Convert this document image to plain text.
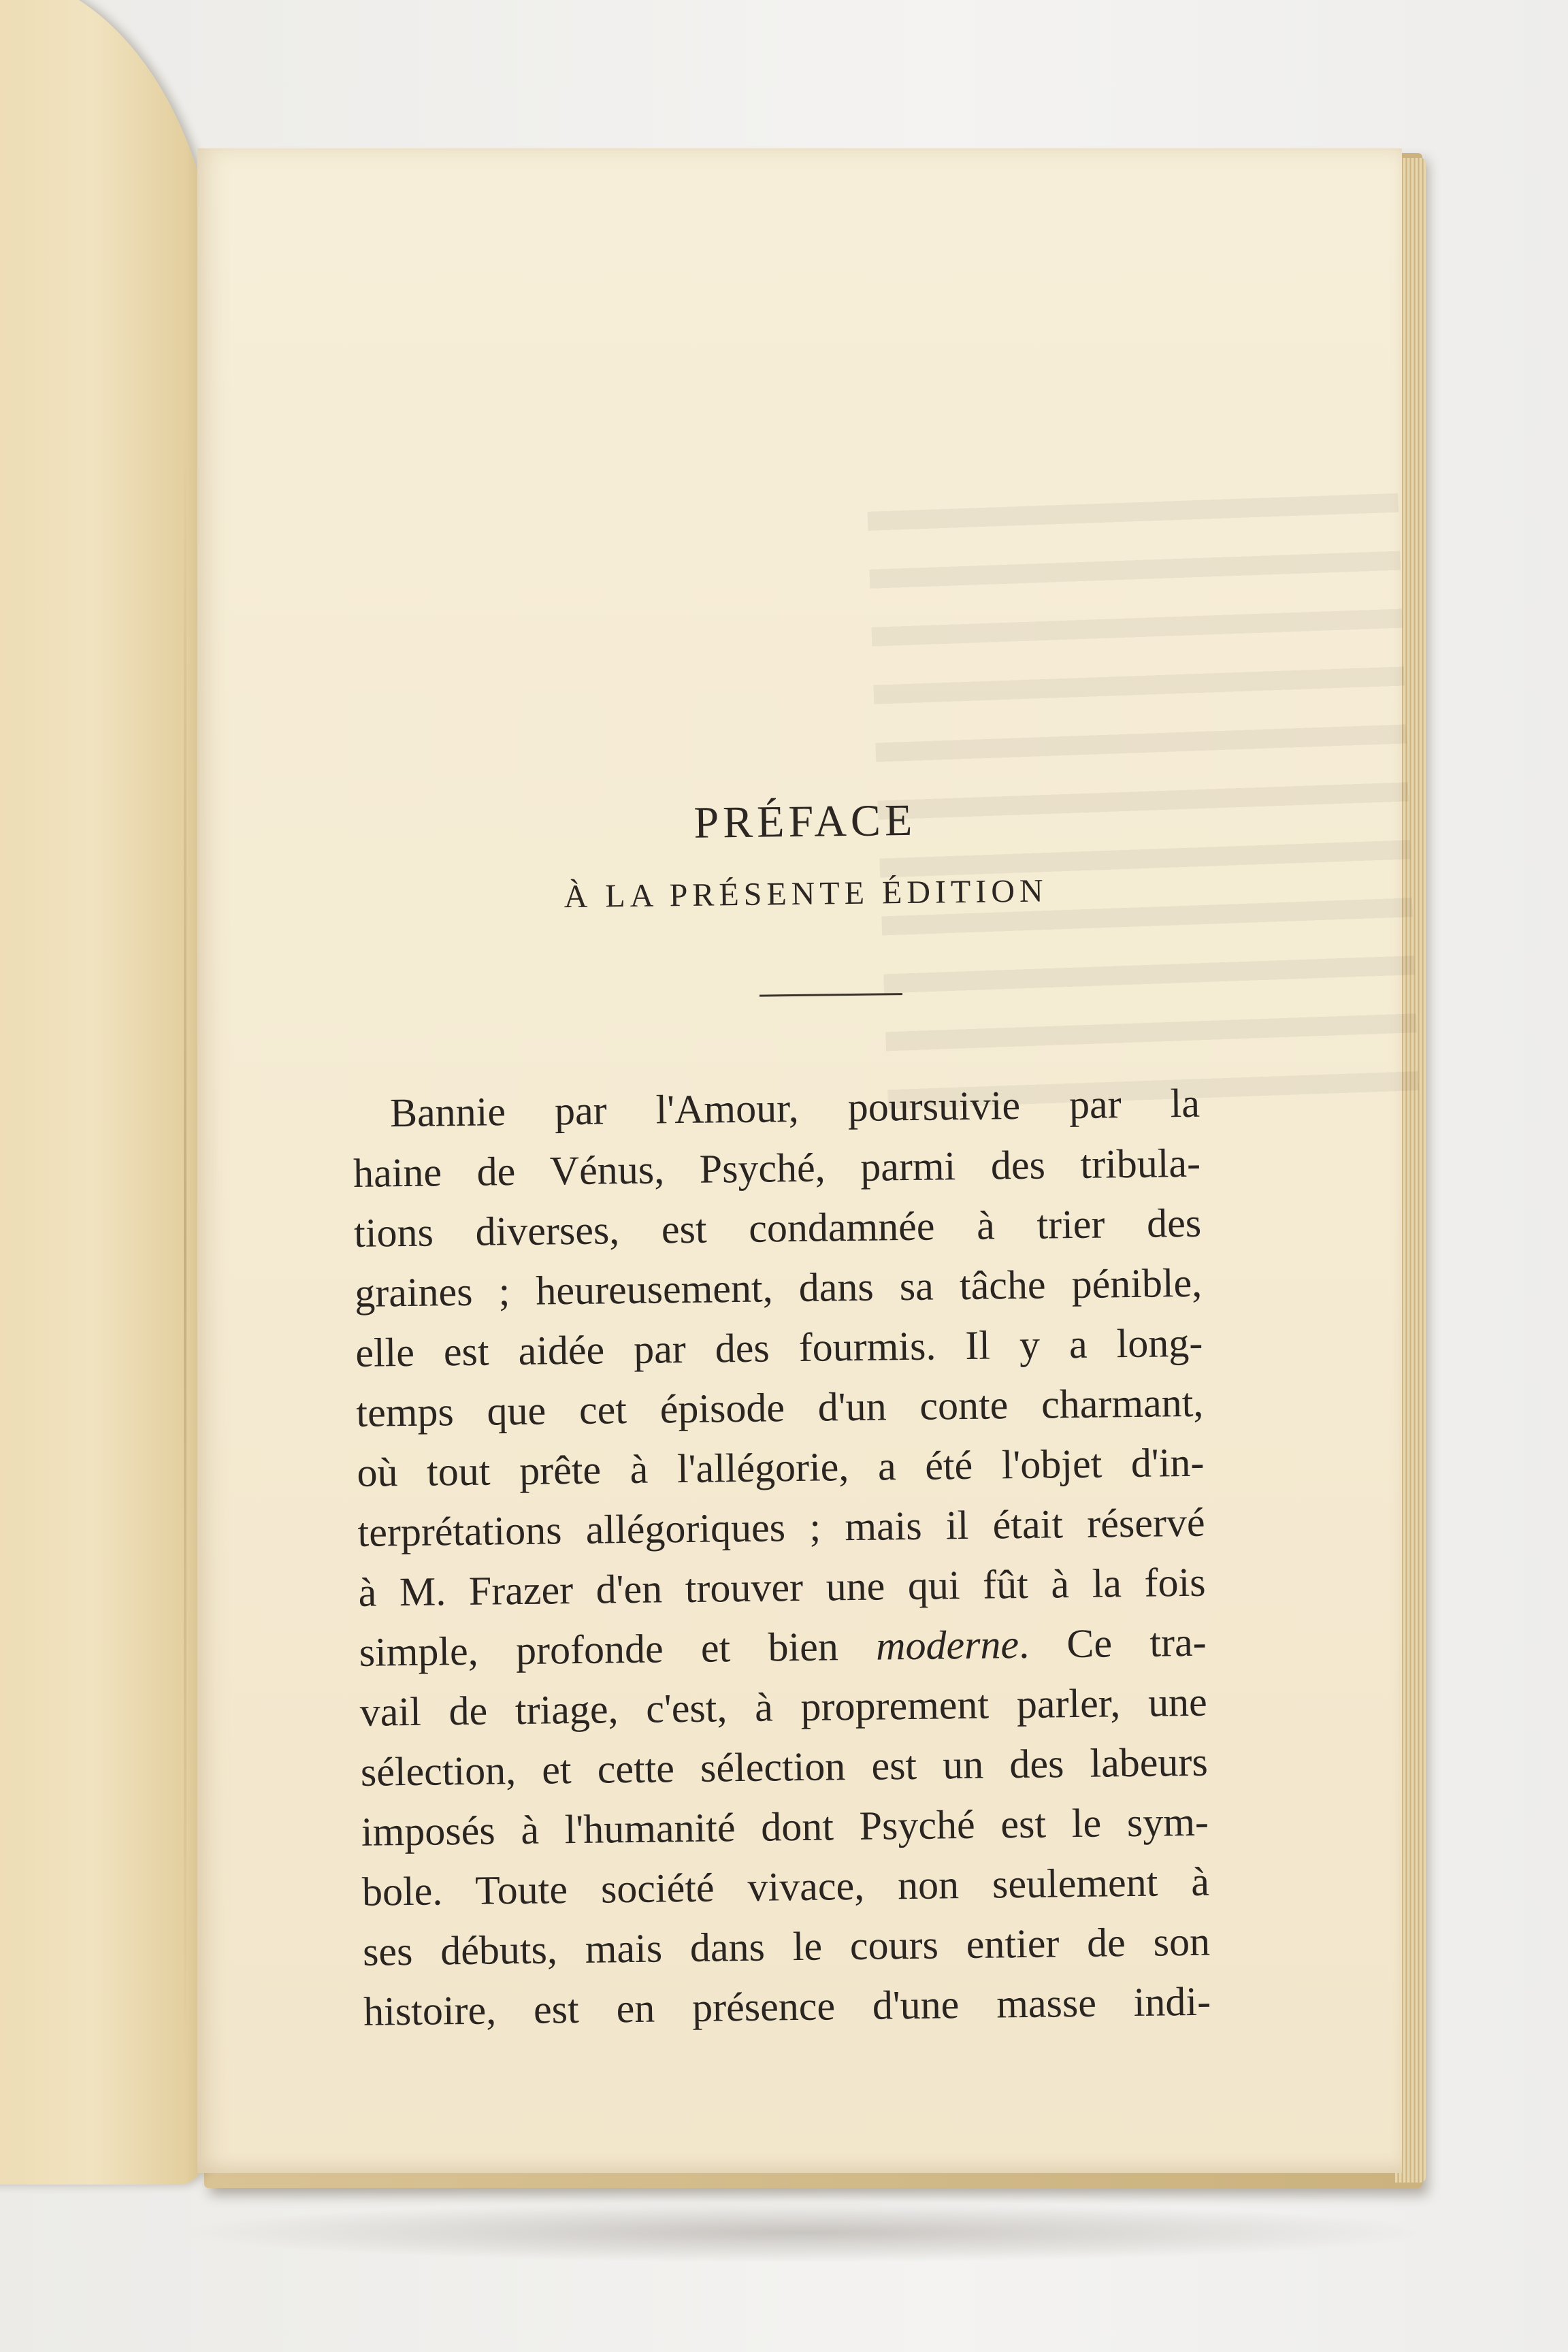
PRÉFACE
À LA PRÉSENTE ÉDITION
Bannie par l'Amour, poursuivie par la
haine de Vénus, Psyché, parmi des tribula-
tions diverses, est condamnée à trier des
graines ; heureusement, dans sa tâche pénible,
elle est aidée par des fourmis. Il y a long-
temps que cet épisode d'un conte charmant,
où tout prête à l'allégorie, a été l'objet d'in-
terprétations allégoriques ; mais il était réservé
à M. Frazer d'en trouver une qui fût à la fois
simple, profonde et bien moderne. Ce tra-
vail de triage, c'est, à proprement parler, une
sélection, et cette sélection est un des labeurs
imposés à l'humanité dont Psyché est le sym-
bole. Toute société vivace, non seulement à
ses débuts, mais dans le cours entier de son
histoire, est en présence d'une masse indi-
